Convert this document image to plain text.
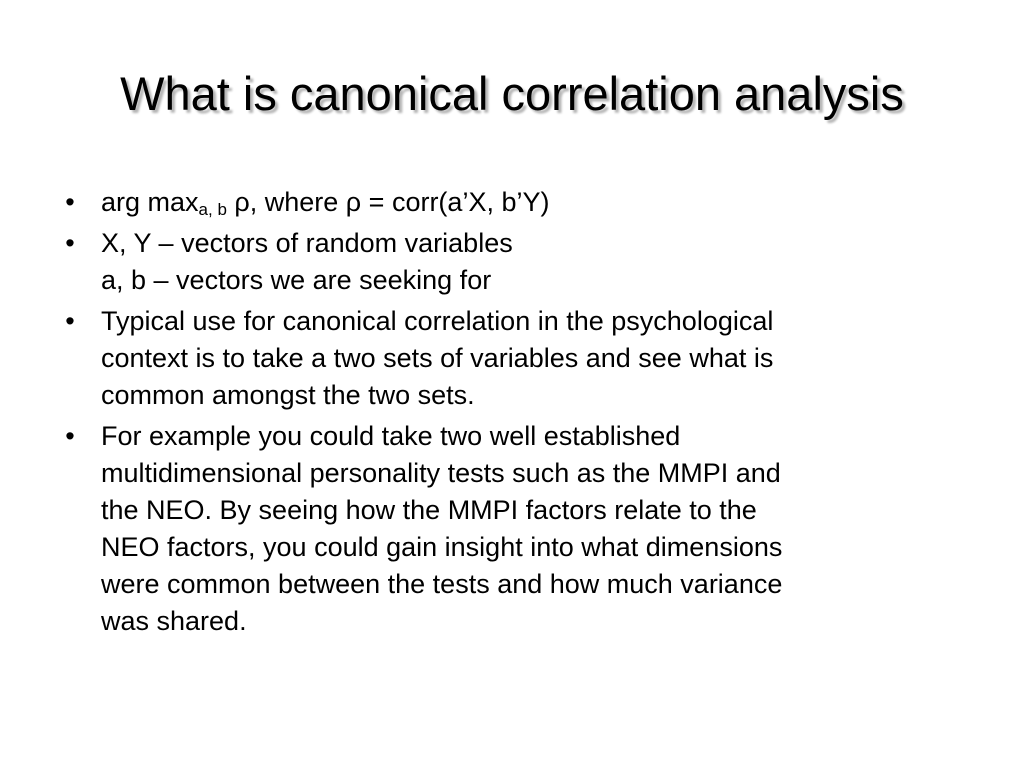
What is canonical correlation analysis
• arg $\max_{a, b} \rho$, where ρ = corr(a’X, b’Y)
• X, Y – vectors of random variables
a, b – vectors we are seeking for
• Typical use for canonical correlation in the psychological
context is to take a two sets of variables and see what is
common amongst the two sets.
• For example you could take two well established
multidimensional personality tests such as the MMPI and
the NEO. By seeing how the MMPI factors relate to the
NEO factors, you could gain insight into what dimensions
were common between the tests and how much variance
was shared.
